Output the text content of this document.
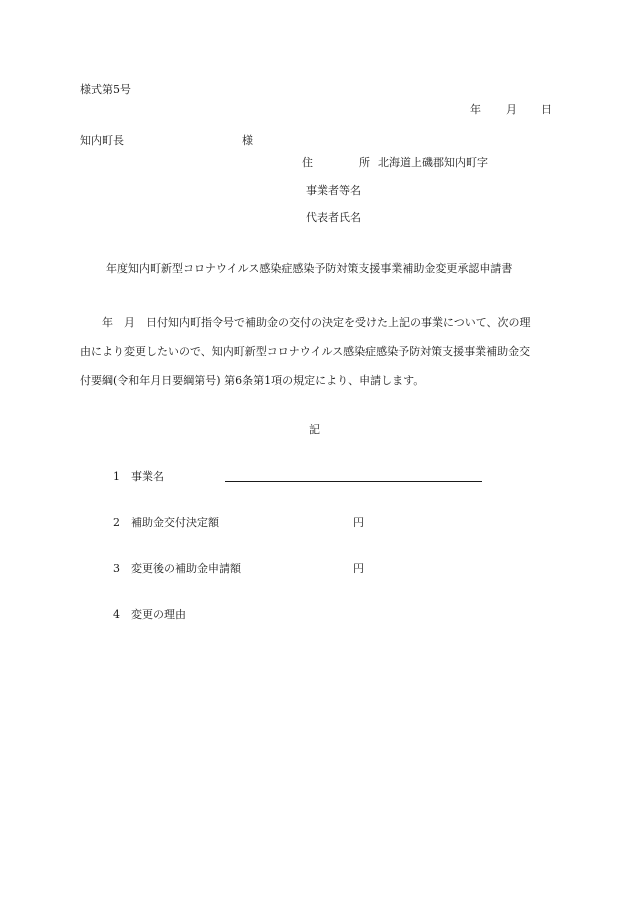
様式第5号
年 月 日
知内町長	様
住	所 北海道上磯郡知内町字
事業者等名
代表者氏名
年度知内町新型コロナウイルス感染症感染予防対策支援事業補助金変更承認申請書
年　月　日付知内町指令号で補助金の交付の決定を受けた上記の事業について、次の理
由により変更したいので、知内町新型コロナウイルス感染症感染予防対策支援事業補助金交
付要綱(令和年月日要綱第号) 第6条第1項の規定により、申請します。
記
1 事業名
2 補助金交付決定額	円
3 変更後の補助金申請額	円
4 変更の理由
